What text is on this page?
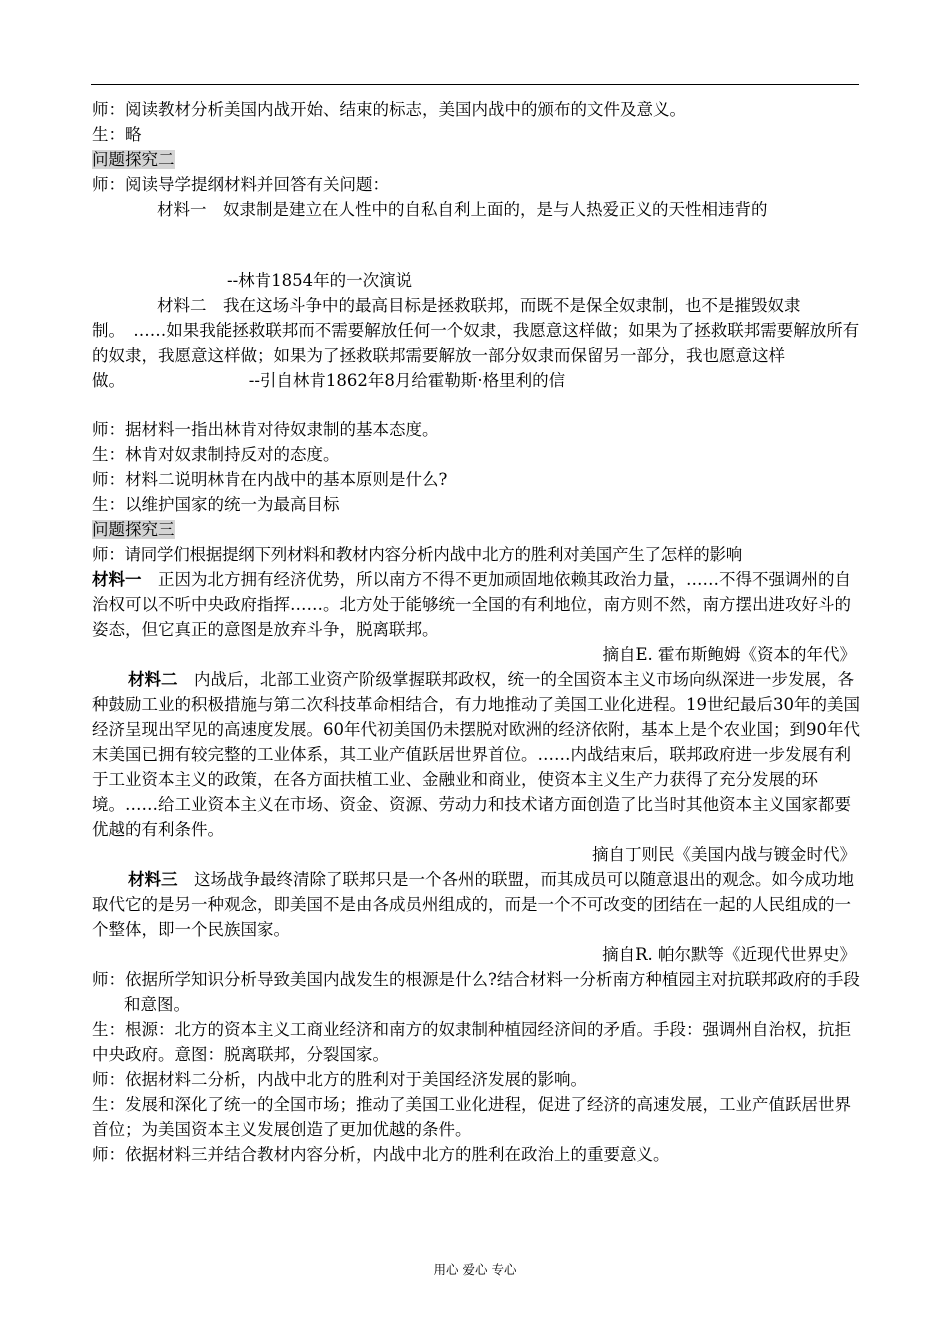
师：阅读教材分析美国内战开始、结束的标志，美国内战中的颁布的文件及意义。

生：略

问题探究二

师：阅读导学提纲材料并回答有关问题：

材料一　奴隶制是建立在人性中的自私自利上面的，是与人热爱正义的天性相违背的

--林肯1854年的一次演说

材料二　我在这场斗争中的最高目标是拯救联邦，而既不是保全奴隶制，也不是摧毁奴隶制。　……如果我能拯救联邦而不需要解放任何一个奴隶，我愿意这样做；如果为了拯救联邦需要解放所有的奴隶，我愿意这样做；如果为了拯救联邦需要解放一部分奴隶而保留另一部分，我也愿意这样做。　　　　　　　　--引自林肯1862年8月给霍勒斯·格里利的信

师：据材料一指出林肯对待奴隶制的基本态度。

生：林肯对奴隶制持反对的态度。

师：材料二说明林肯在内战中的基本原则是什么?

生：以维护国家的统一为最高目标

问题探究三

师：请同学们根据提纲下列材料和教材内容分析内战中北方的胜利对美国产生了怎样的影响

材料一　正因为北方拥有经济优势，所以南方不得不更加顽固地依赖其政治力量，……不得不强调州的自治权可以不听中央政府指挥……。北方处于能够统一全国的有利地位，南方则不然，南方摆出进攻好斗的姿态，但它真正的意图是放弃斗争，脱离联邦。

摘自E. 霍布斯鲍姆《资本的年代》

材料二　内战后，北部工业资产阶级掌握联邦政权，统一的全国资本主义市场向纵深进一步发展，各种鼓励工业的积极措施与第二次科技革命相结合，有力地推动了美国工业化进程。19世纪最后30年的美国经济呈现出罕见的高速度发展。60年代初美国仍未摆脱对欧洲的经济依附，基本上是个农业国；到90年代末美国已拥有较完整的工业体系，其工业产值跃居世界首位。……内战结束后，联邦政府进一步发展有利于工业资本主义的政策，在各方面扶植工业、金融业和商业，使资本主义生产力获得了充分发展的环境。……给工业资本主义在市场、资金、资源、劳动力和技术诸方面创造了比当时其他资本主义国家都要优越的有利条件。

摘自丁则民《美国内战与镀金时代》

材料三　这场战争最终清除了联邦只是一个各州的联盟，而其成员可以随意退出的观念。如今成功地取代它的是另一种观念，即美国不是由各成员州组成的，而是一个不可改变的团结在一起的人民组成的一个整体，即一个民族国家。

摘自R. 帕尔默等《近现代世界史》

师：依据所学知识分析导致美国内战发生的根源是什么?结合材料一分析南方种植园主对抗联邦政府的手段和意图。

生：根源：北方的资本主义工商业经济和南方的奴隶制种植园经济间的矛盾。手段：强调州自治权，抗拒中央政府。意图：脱离联邦，分裂国家。

师：依据材料二分析，内战中北方的胜利对于美国经济发展的影响。

生：发展和深化了统一的全国市场；推动了美国工业化进程，促进了经济的高速发展，工业产值跃居世界首位；为美国资本主义发展创造了更加优越的条件。

师：依据材料三并结合教材内容分析，内战中北方的胜利在政治上的重要意义。

用心 爱心 专心
